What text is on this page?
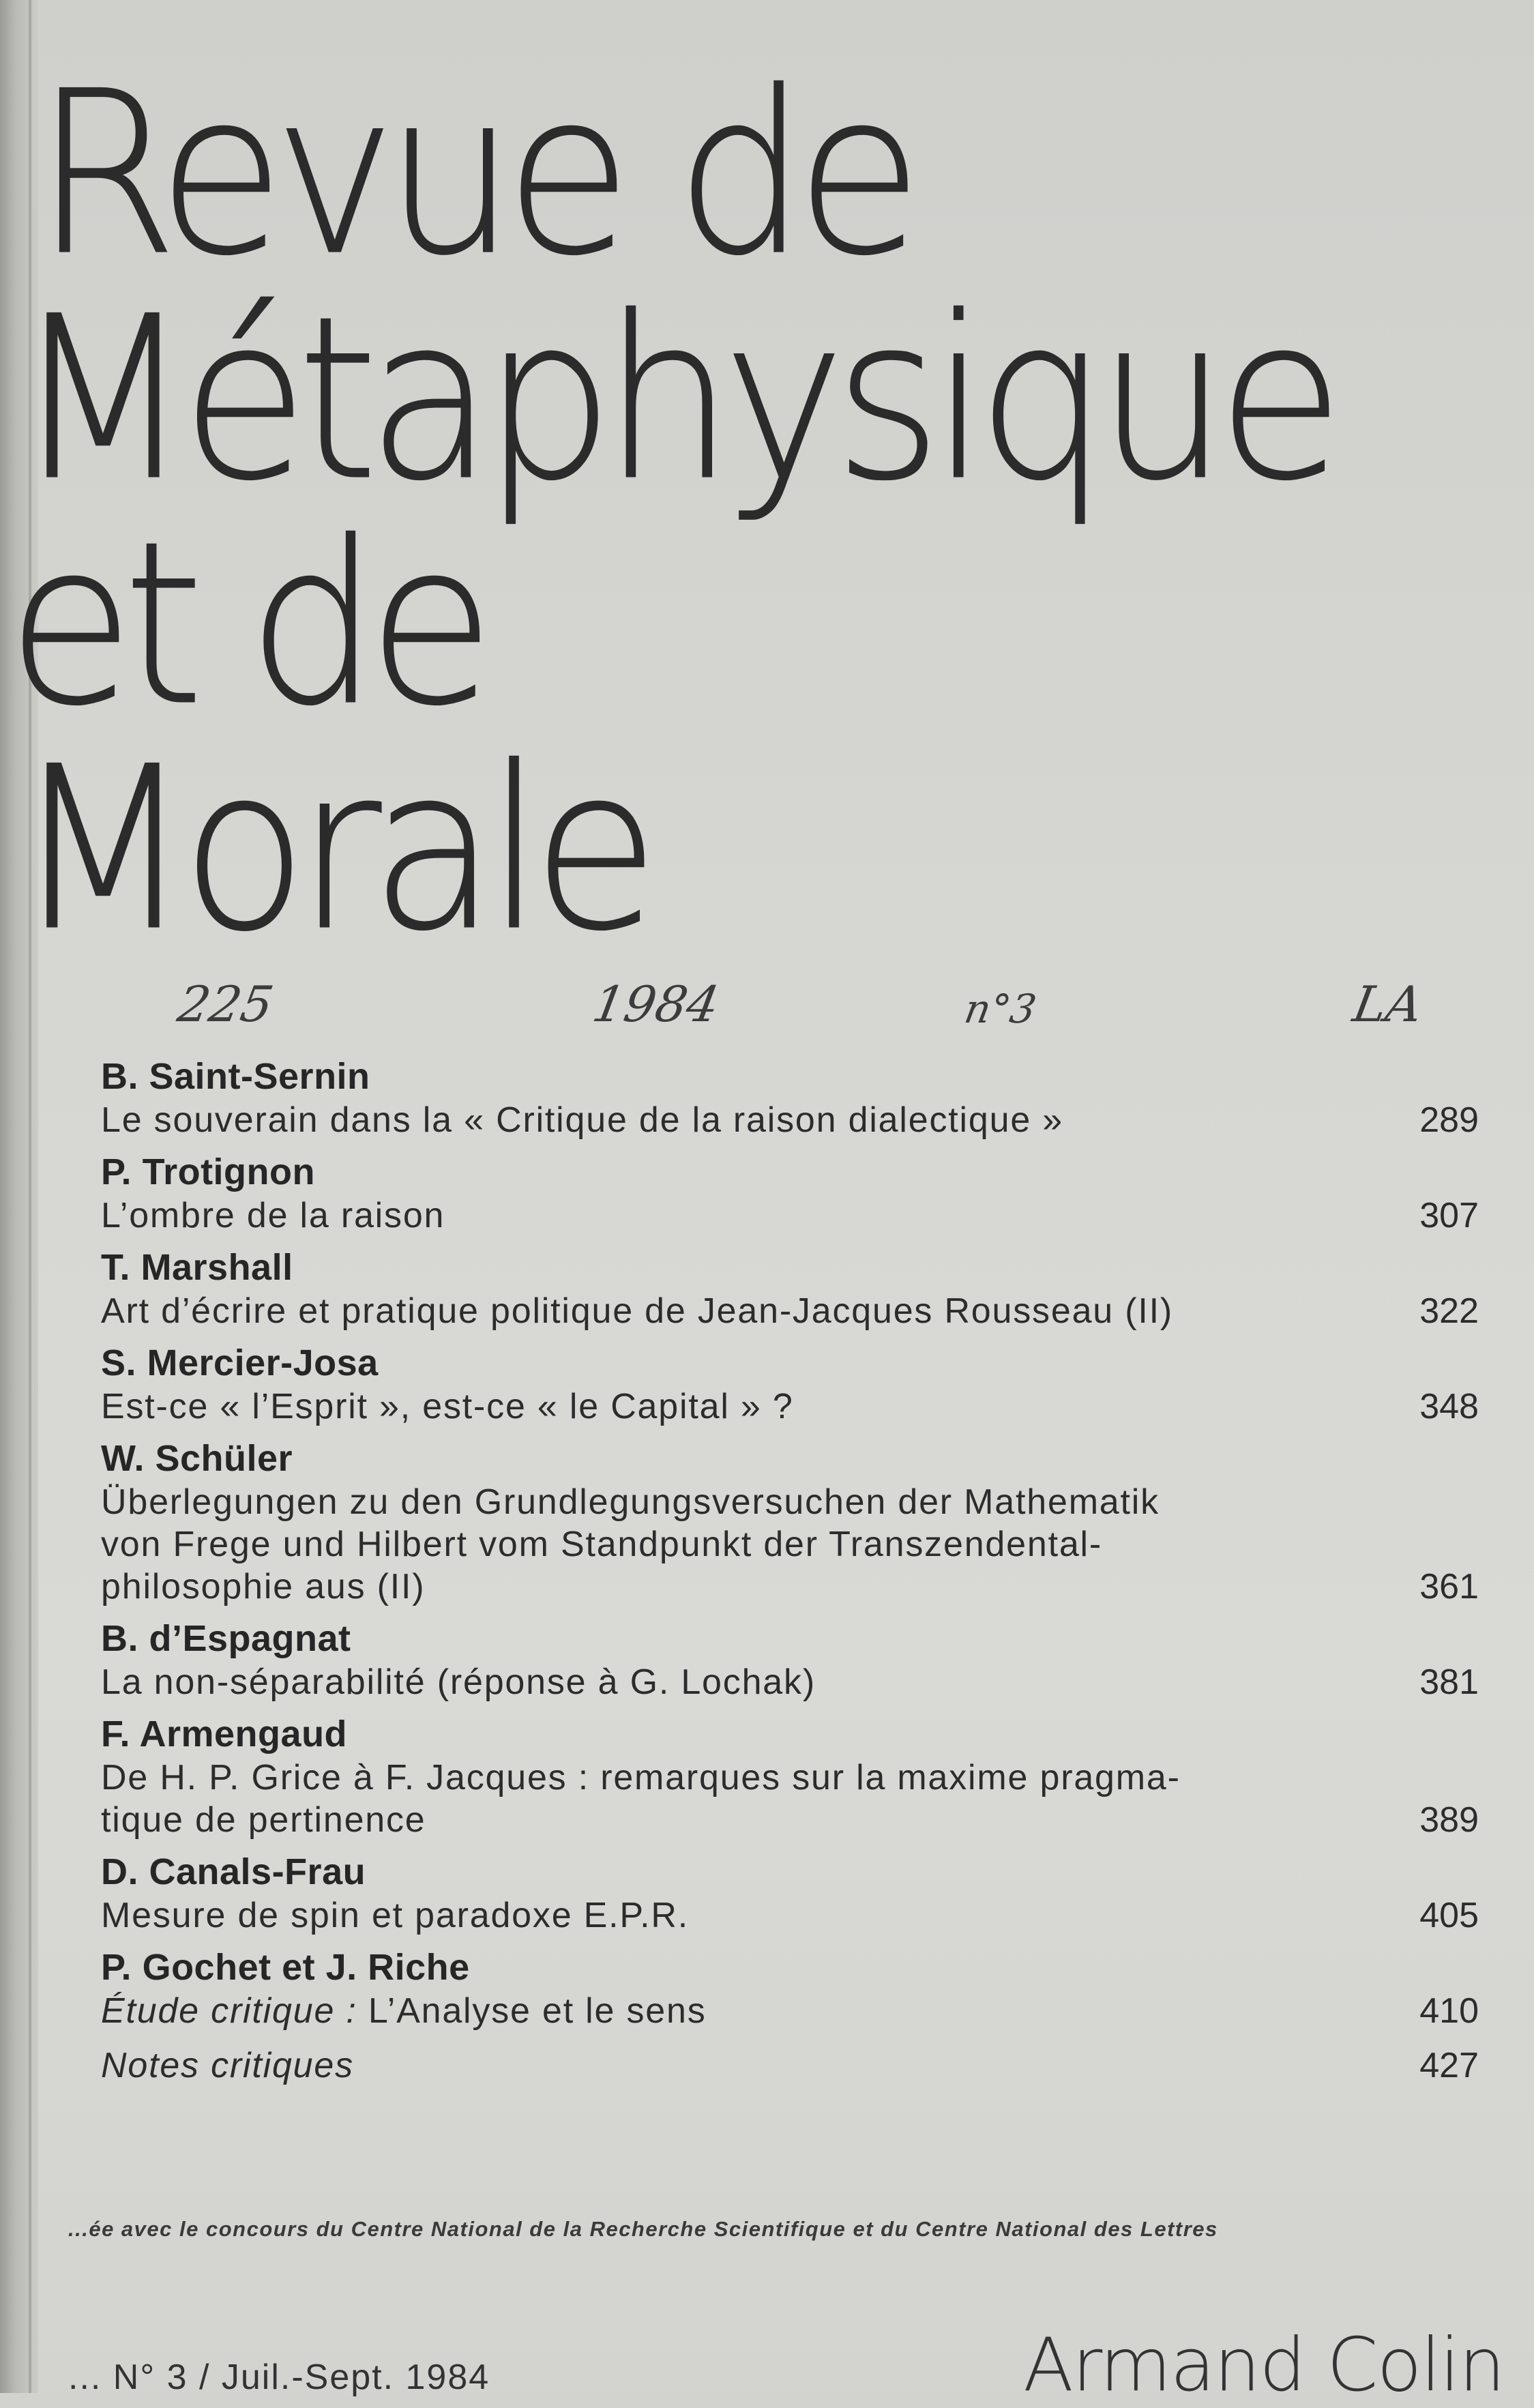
Revue de
Métaphysique
et de
Morale
225	1984	n°3	LA
B. Saint-Sernin
Le souverain dans la « Critique de la raison dialectique »	289
P. Trotignon
L’ombre de la raison	307
T. Marshall
Art d’écrire et pratique politique de Jean-Jacques Rousseau (II)	322
S. Mercier-Josa
Est-ce « l’Esprit », est-ce « le Capital » ?	348
W. Schüler
Überlegungen zu den Grundlegungsversuchen der Mathematik
von Frege und Hilbert vom Standpunkt der Transzendental-
philosophie aus (II)	361
B. d’Espagnat
La non-séparabilité (réponse à G. Lochak)	381
F. Armengaud
De H. P. Grice à F. Jacques : remarques sur la maxime pragma-
tique de pertinence	389
D. Canals-Frau
Mesure de spin et paradoxe E.P.R.	405
P. Gochet et J. Riche
Étude critique : L’Analyse et le sens	410
Notes critiques	427
...ée avec le concours du Centre National de la Recherche Scientifique et du Centre National des Lettres
... N° 3 / Juil.-Sept. 1984	Armand Colin
